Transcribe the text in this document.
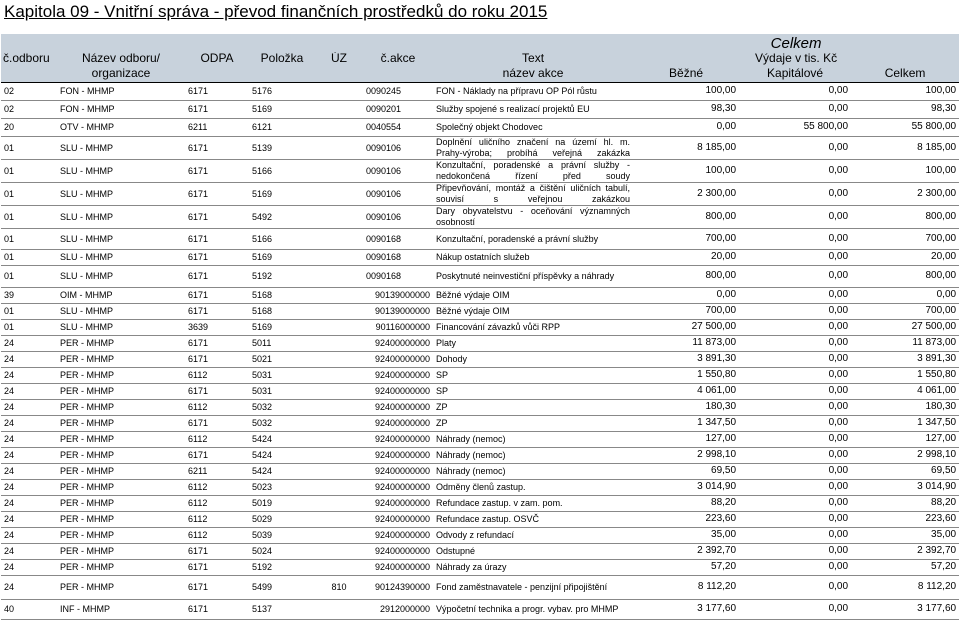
Kapitola 09 - Vnitřní správa - převod finančních prostředků do roku 2015
							Celkem		
č.odboru	Název odboru/	ODPA	Položka	ÚZ	č.akce	Text	Výdaje v tis. Kč		
	organizace					název akce	Běžné	Kapitálové	Celkem
02	FON - MHMP	6171	5176		0090245	FON - Náklady na přípravu OP Pól růstu	100,00	0,00	100,00
02	FON - MHMP	6171	5169		0090201	Služby spojené s realizací projektů EU	98,30	0,00	98,30
20	OTV - MHMP	6211	6121		0040554	Společný objekt Chodovec	0,00	55 800,00	55 800,00
01	SLU - MHMP	6171	5139		0090106	Doplnění uličního značení na území hl. m. Prahy-výroba; probíhá veřejná zakázka	8 185,00	0,00	8 185,00
01	SLU - MHMP	6171	5166		0090106	Konzultační, poradenské a právní služby - nedokončená řízení před soudy	100,00	0,00	100,00
01	SLU - MHMP	6171	5169		0090106	Připevňování, montáž a čištění uličních tabulí, souvisí s veřejnou zakázkou	2 300,00	0,00	2 300,00
01	SLU - MHMP	6171	5492		0090106	Dary obyvatelstvu - oceňování významných osobností	800,00	0,00	800,00
01	SLU - MHMP	6171	5166		0090168	Konzultační, poradenské a právní služby	700,00	0,00	700,00
01	SLU - MHMP	6171	5169		0090168	Nákup ostatních služeb	20,00	0,00	20,00
01	SLU - MHMP	6171	5192		0090168	Poskytnuté neinvestiční příspěvky a náhrady	800,00	0,00	800,00
39	OIM - MHMP	6171	5168		90139000000	Běžné výdaje OIM	0,00	0,00	0,00
01	SLU - MHMP	6171	5168		90139000000	Běžné výdaje OIM	700,00	0,00	700,00
01	SLU - MHMP	3639	5169		90116000000	Financování závazků vůči RPP	27 500,00	0,00	27 500,00
24	PER - MHMP	6171	5011		92400000000	Platy	11 873,00	0,00	11 873,00
24	PER - MHMP	6171	5021		92400000000	Dohody	3 891,30	0,00	3 891,30
24	PER - MHMP	6112	5031		92400000000	SP	1 550,80	0,00	1 550,80
24	PER - MHMP	6171	5031		92400000000	SP	4 061,00	0,00	4 061,00
24	PER - MHMP	6112	5032		92400000000	ZP	180,30	0,00	180,30
24	PER - MHMP	6171	5032		92400000000	ZP	1 347,50	0,00	1 347,50
24	PER - MHMP	6112	5424		92400000000	Náhrady (nemoc)	127,00	0,00	127,00
24	PER - MHMP	6171	5424		92400000000	Náhrady (nemoc)	2 998,10	0,00	2 998,10
24	PER - MHMP	6211	5424		92400000000	Náhrady (nemoc)	69,50	0,00	69,50
24	PER - MHMP	6112	5023		92400000000	Odměny členů zastup.	3 014,90	0,00	3 014,90
24	PER - MHMP	6112	5019		92400000000	Refundace zastup. v zam. pom.	88,20	0,00	88,20
24	PER - MHMP	6112	5029		92400000000	Refundace zastup. OSVČ	223,60	0,00	223,60
24	PER - MHMP	6112	5039		92400000000	Odvody z refundací	35,00	0,00	35,00
24	PER - MHMP	6171	5024		92400000000	Odstupné	2 392,70	0,00	2 392,70
24	PER - MHMP	6171	5192		92400000000	Náhrady za úrazy	57,20	0,00	57,20
24	PER - MHMP	6171	5499	810	90124390000	Fond zaměstnavatele - penzijní připojištění	8 112,20	0,00	8 112,20
40	INF - MHMP	6171	5137		2912000000	Výpočetní technika a progr. vybav. pro MHMP	3 177,60	0,00	3 177,60
